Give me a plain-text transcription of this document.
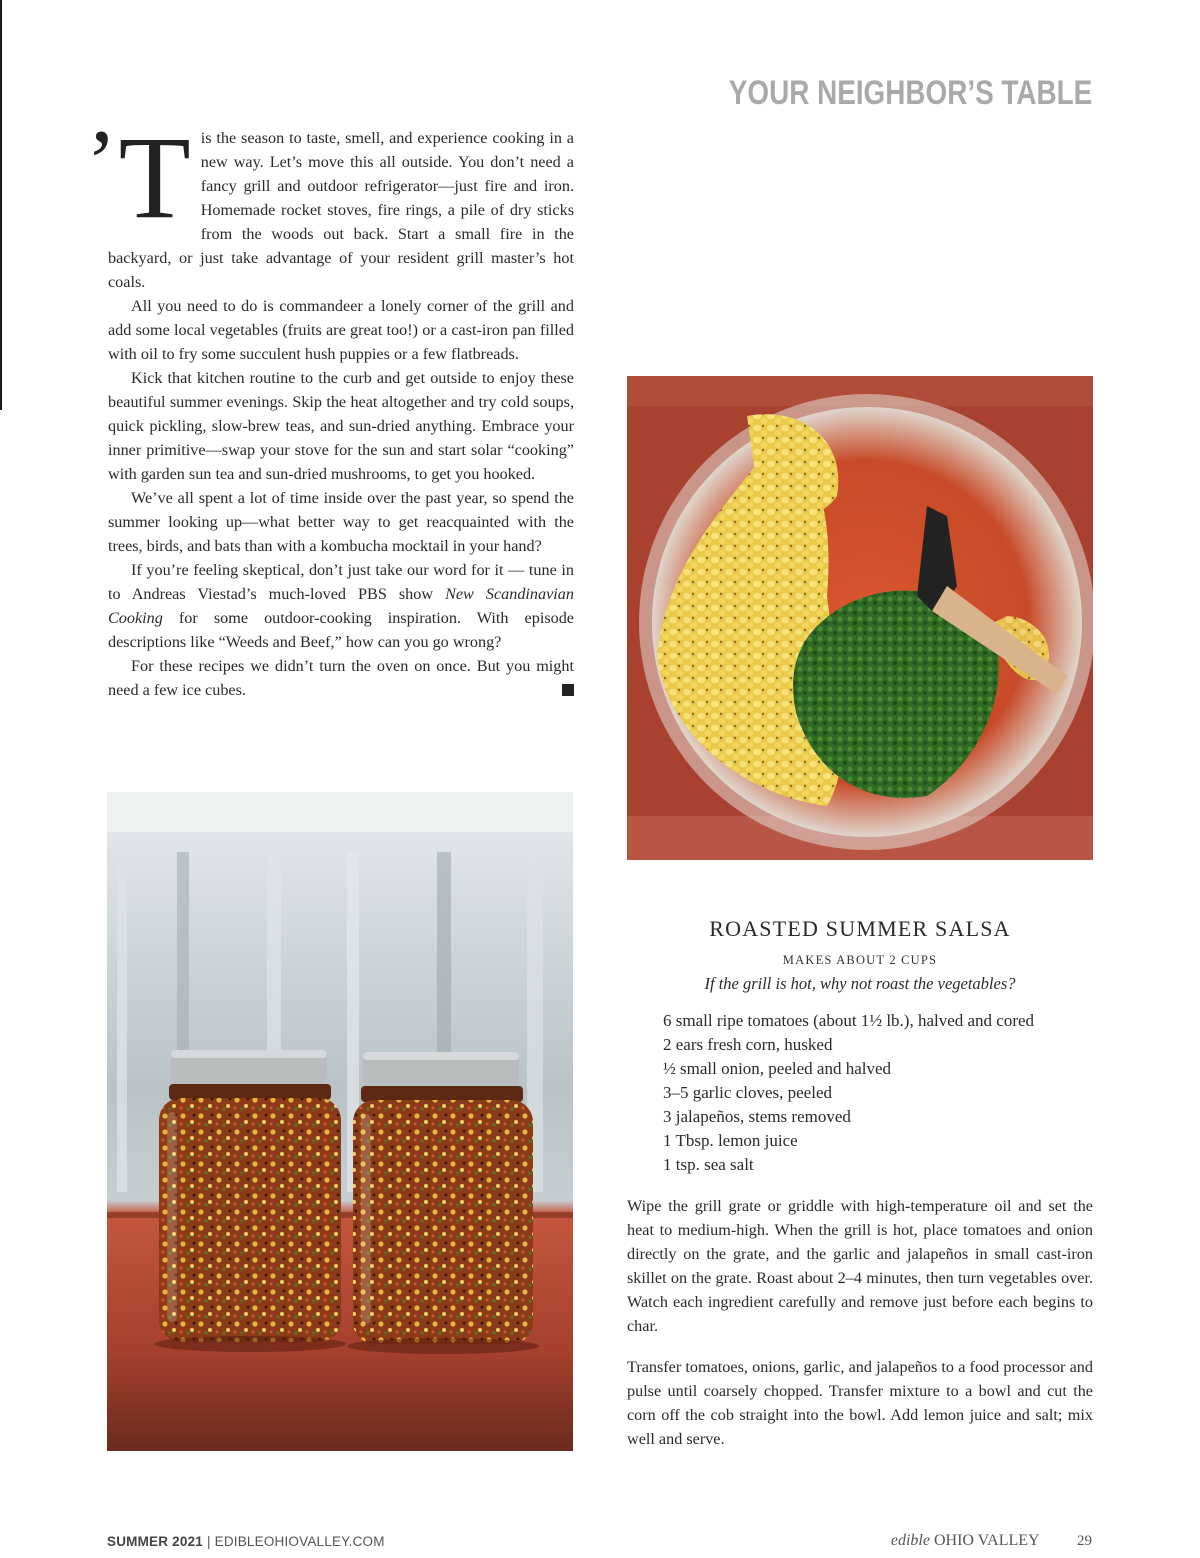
YOUR NEIGHBOR’S TABLE

’T is the season to taste, smell, and experience cooking in a new way. Let’s move this all outside. You don’t need a fancy grill and outdoor refrigerator—just fire and iron. Homemade rocket stoves, fire rings, a pile of dry sticks from the woods out back. Start a small fire in the backyard, or just take advantage of your resident grill master’s hot coals.

All you need to do is commandeer a lonely corner of the grill and add some local vegetables (fruits are great too!) or a cast-iron pan filled with oil to fry some succulent hush puppies or a few flatbreads.

Kick that kitchen routine to the curb and get outside to enjoy these beautiful summer evenings. Skip the heat altogether and try cold soups, quick pickling, slow-brew teas, and sun-dried anything. Embrace your inner primitive—swap your stove for the sun and start solar “cooking” with garden sun tea and sun-dried mushrooms, to get you hooked.

We’ve all spent a lot of time inside over the past year, so spend the summer looking up—what better way to get reacquainted with the trees, birds, and bats than with a kombucha mocktail in your hand?

If you’re feeling skeptical, don’t just take our word for it — tune in to Andreas Viestad’s much-loved PBS show New Scandinavian Cooking for some outdoor-cooking inspiration. With episode descriptions like “Weeds and Beef,” how can you go wrong?

For these recipes we didn’t turn the oven on once. But you might need a few ice cubes.

ROASTED SUMMER SALSA
MAKES ABOUT 2 CUPS
If the grill is hot, why not roast the vegetables?
6 small ripe tomatoes (about 1½ lb.), halved and cored
2 ears fresh corn, husked
½ small onion, peeled and halved
3–5 garlic cloves, peeled
3 jalapeños, stems removed
1 Tbsp. lemon juice
1 tsp. sea salt

Wipe the grill grate or griddle with high-temperature oil and set the heat to medium-high. When the grill is hot, place tomatoes and onion directly on the grate, and the garlic and jalapeños in small cast-iron skillet on the grate. Roast about 2–4 minutes, then turn vegetables over. Watch each ingredient carefully and remove just before each begins to char.

Transfer tomatoes, onions, garlic, and jalapeños to a food processor and pulse until coarsely chopped. Transfer mixture to a bowl and cut the corn off the cob straight into the bowl. Add lemon juice and salt; mix well and serve.

SUMMER 2021 | EDIBLEOHIOVALLEY.COM	edible OHIO VALLEY	29
